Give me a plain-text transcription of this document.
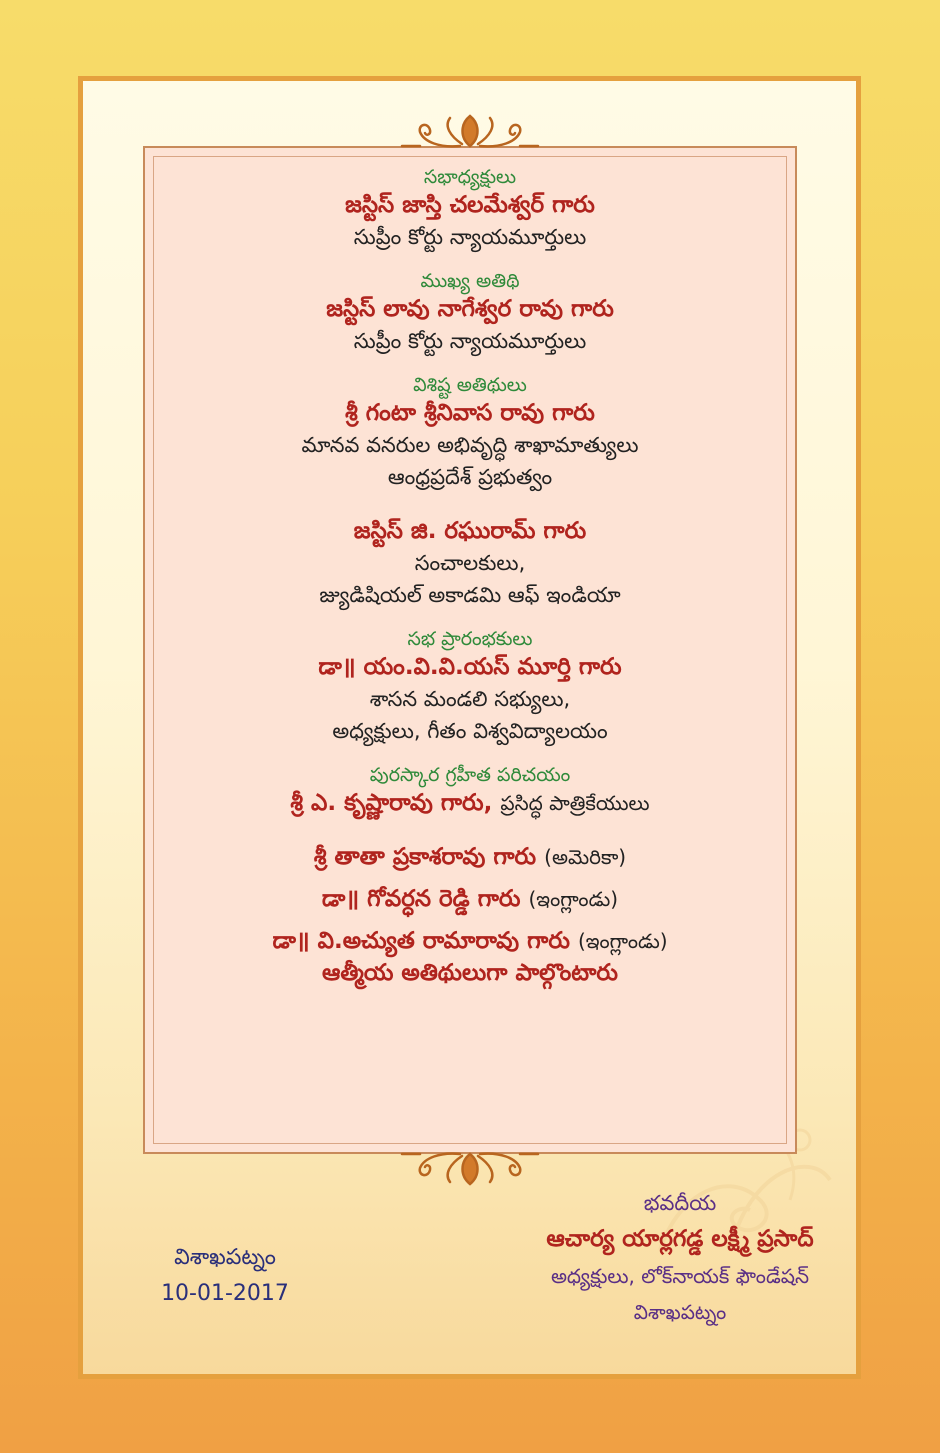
సభాధ్యక్షులు
జస్టిస్ జాస్తి చలమేశ్వర్ గారు
సుప్రీం కోర్టు న్యాయమూర్తులు
ముఖ్య అతిథి
జస్టిస్ లావు నాగేశ్వర రావు గారు
సుప్రీం కోర్టు న్యాయమూర్తులు
విశిష్ట అతిథులు
శ్రీ గంటా శ్రీనివాస రావు గారు
మానవ వనరుల అభివృద్ధి శాఖామాత్యులు
ఆంధ్రప్రదేశ్ ప్రభుత్వం
జస్టిస్ జి. రఘురామ్ గారు
సంచాలకులు,
జ్యుడిషియల్ అకాడమి ఆఫ్ ఇండియా
సభ ప్రారంభకులు
డా॥ యం.వి.వి.యస్ మూర్తి గారు
శాసన మండలి సభ్యులు,
అధ్యక్షులు, గీతం విశ్వవిద్యాలయం
పురస్కార గ్రహీత పరిచయం
శ్రీ ఎ. కృష్ణారావు గారు, ప్రసిద్ధ పాత్రికేయులు
శ్రీ తాతా ప్రకాశరావు గారు (అమెరికా)
డా॥ గోవర్ధన రెడ్డి గారు (ఇంగ్లాండు)
డా॥ వి.అచ్యుత రామారావు గారు (ఇంగ్లాండు)
ఆత్మీయ అతిథులుగా పాల్గొంటారు
విశాఖపట్నం
10-01-2017
భవదీయ
ఆచార్య యార్లగడ్డ లక్ష్మీ ప్రసాద్
అధ్యక్షులు, లోక్‌నాయక్ ఫౌండేషన్
విశాఖపట్నం
